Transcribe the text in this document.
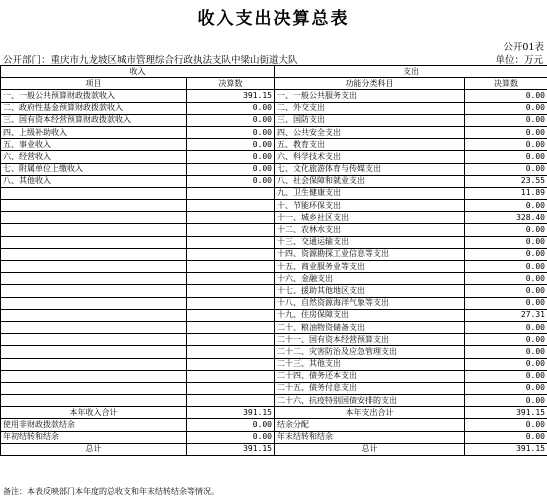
收入支出决算总表
公开01表
公开部门：重庆市九龙坡区城市管理综合行政执法支队中梁山街道大队	单位：万元
收入		支出	
项目	决算数	功能分类科目	决算数
一、一般公共预算财政拨款收入	391.15	一、一般公共服务支出	0.00
二、政府性基金预算财政拨款收入	0.00	二、外交支出	0.00
三、国有资本经营预算财政拨款收入	0.00	三、国防支出	0.00
四、上级补助收入	0.00	四、公共安全支出	0.00
五、事业收入	0.00	五、教育支出	0.00
六、经营收入	0.00	六、科学技术支出	0.00
七、附属单位上缴收入	0.00	七、文化旅游体育与传媒支出	0.00
八、其他收入	0.00	八、社会保障和就业支出	23.55
		九、卫生健康支出	11.89
		十、节能环保支出	0.00
		十一、城乡社区支出	328.40
		十二、农林水支出	0.00
		十三、交通运输支出	0.00
		十四、资源勘探工业信息等支出	0.00
		十五、商业服务业等支出	0.00
		十六、金融支出	0.00
		十七、援助其他地区支出	0.00
		十八、自然资源海洋气象等支出	0.00
		十九、住房保障支出	27.31
		二十、粮油物资储备支出	0.00
		二十一、国有资本经营预算支出	0.00
		二十二、灾害防治及应急管理支出	0.00
		二十三、其他支出	0.00
		二十四、债务还本支出	0.00
		二十五、债务付息支出	0.00
		二十六、抗疫特别国债安排的支出	0.00
本年收入合计	391.15	本年支出合计	391.15
使用非财政拨款结余	0.00	结余分配	0.00
年初结转和结余	0.00	年末结转和结余	0.00
总计	391.15	总计	391.15
备注：本表反映部门本年度的总收支和年末结转结余等情况。
